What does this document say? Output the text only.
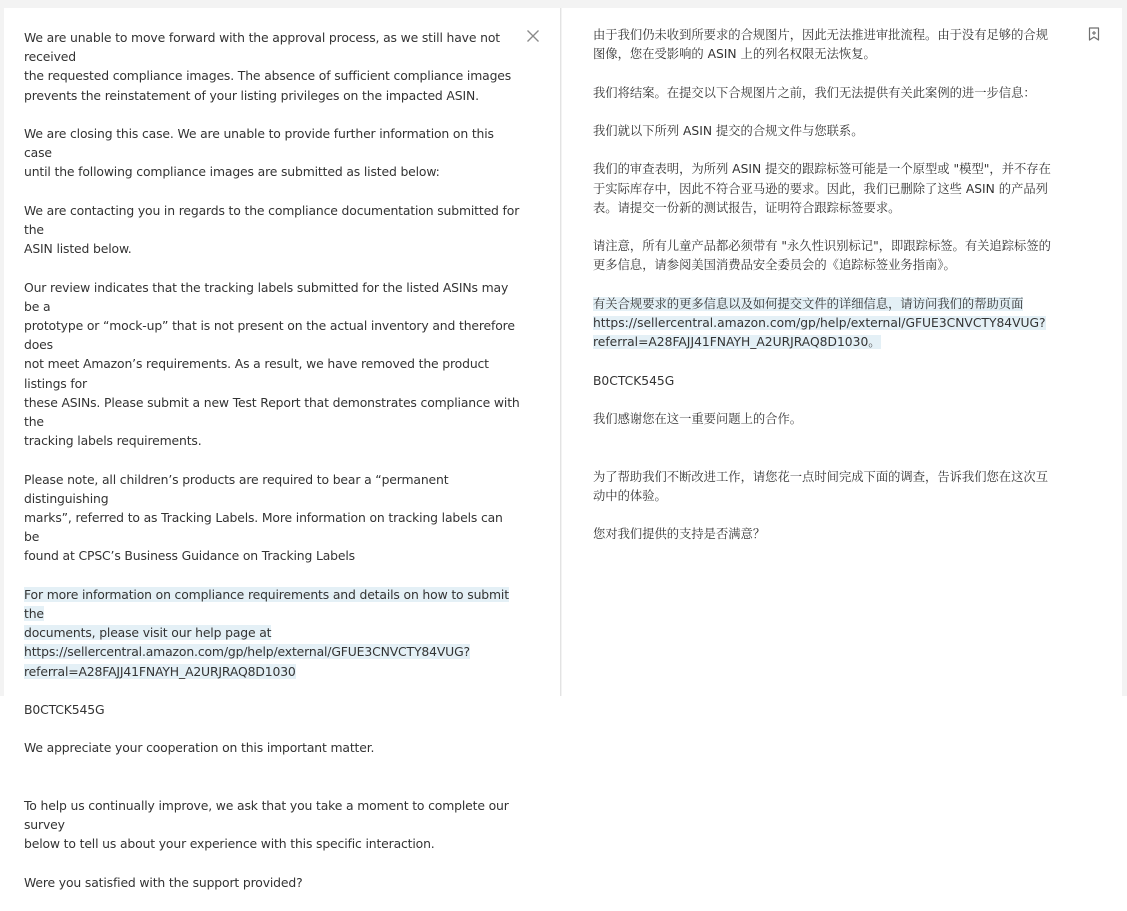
We are unable to move forward with the approval process, as we still have not received
the requested compliance images. The absence of sufficient compliance images
prevents the reinstatement of your listing privileges on the impacted ASIN.

We are closing this case. We are unable to provide further information on this case
until the following compliance images are submitted as listed below:

We are contacting you in regards to the compliance documentation submitted for the
ASIN listed below.

Our review indicates that the tracking labels submitted for the listed ASINs may be a
prototype or “mock-up” that is not present on the actual inventory and therefore does
not meet Amazon’s requirements. As a result, we have removed the product listings for
these ASINs. Please submit a new Test Report that demonstrates compliance with the
tracking labels requirements.

Please note, all children’s products are required to bear a “permanent distinguishing
marks”, referred to as Tracking Labels. More information on tracking labels can be
found at CPSC’s Business Guidance on Tracking Labels

For more information on compliance requirements and details on how to submit the
documents, please visit our help page at
https://sellercentral.amazon.com/gp/help/external/GFUE3CNVCTY84VUG?
referral=A28FAJJ41FNAYH_A2URJRAQ8D1030

B0CTCK545G

We appreciate your cooperation on this important matter.

To help us continually improve, we ask that you take a moment to complete our survey
below to tell us about your experience with this specific interaction.

Were you satisfied with the support provided?

由于我们仍未收到所要求的合规图片，因此无法推进审批流程。由于没有足够的合规
图像，您在受影响的 ASIN 上的列名权限无法恢复。

我们将结案。在提交以下合规图片之前，我们无法提供有关此案例的进一步信息：

我们就以下所列 ASIN 提交的合规文件与您联系。

我们的审查表明，为所列 ASIN 提交的跟踪标签可能是一个原型或 "模型"，并不存在
于实际库存中，因此不符合亚马逊的要求。因此，我们已删除了这些 ASIN 的产品列
表。请提交一份新的测试报告，证明符合跟踪标签要求。

请注意，所有儿童产品都必须带有 "永久性识别标记"，即跟踪标签。有关追踪标签的
更多信息，请参阅美国消费品安全委员会的《追踪标签业务指南》。

有关合规要求的更多信息以及如何提交文件的详细信息，请访问我们的帮助页面
https://sellercentral.amazon.com/gp/help/external/GFUE3CNVCTY84VUG?
referral=A28FAJJ41FNAYH_A2URJRAQ8D1030。

B0CTCK545G

我们感谢您在这一重要问题上的合作。

为了帮助我们不断改进工作，请您花一点时间完成下面的调查，告诉我们您在这次互
动中的体验。

您对我们提供的支持是否满意？
